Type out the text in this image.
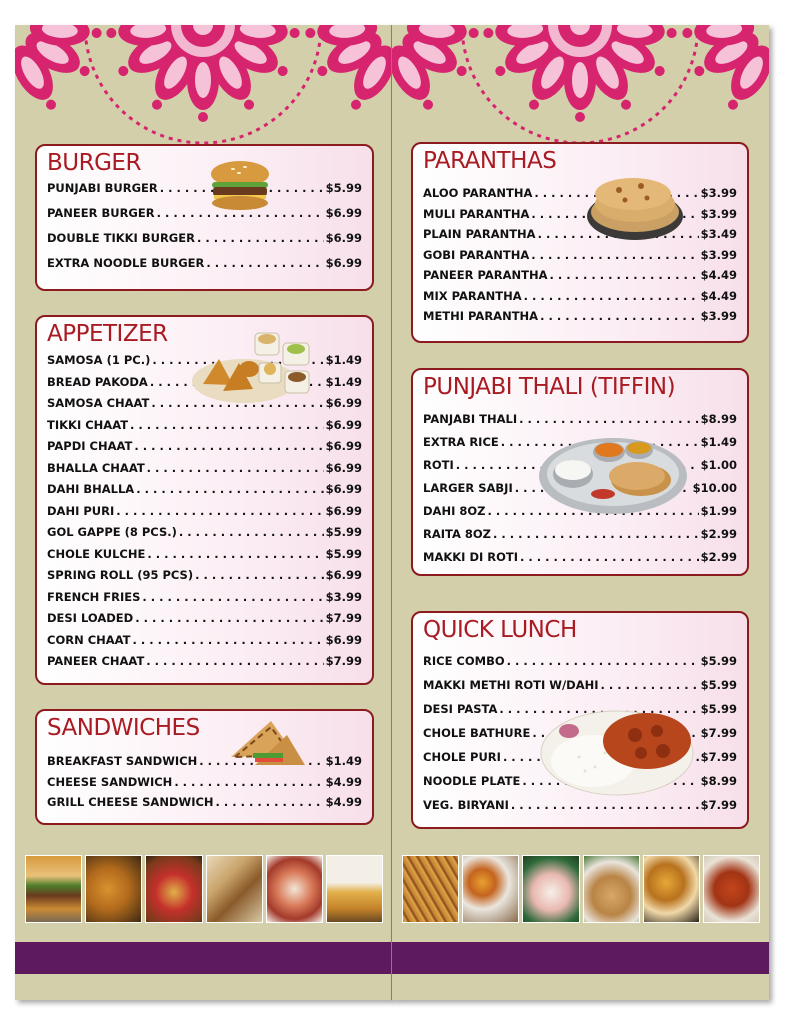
BURGER
PUNJABI BURGER . . .	$5.99
PANEER BURGER . . .	$6.99
DOUBLE TIKKI BURGER . . .	$6.99
EXTRA NOODLE BURGER . . .	$6.99
APPETIZER
SAMOSA (1 PC.) . . .	$1.49
BREAD PAKODA . . .	$1.49
SAMOSA CHAAT . . .	$6.99
TIKKI CHAAT . . .	$6.99
PAPDI CHAAT . . .	$6.99
BHALLA CHAAT . . .	$6.99
DAHI BHALLA . . .	$6.99
DAHI PURI . . .	$6.99
GOL GAPPE (8 PCS.) . . .	$5.99
CHOLE KULCHE . . .	$5.99
SPRING ROLL (95 PCS) . . .	$6.99
FRENCH FRIES . . .	$3.99
DESI LOADED . . .	$7.99
CORN CHAAT . . .	$6.99
PANEER CHAAT . . .	$7.99
SANDWICHES
BREAKFAST SANDWICH . . .	$1.49
CHEESE SANDWICH . . .	$4.99
GRILL CHEESE SANDWICH . . .	$4.99
PARANTHAS
ALOO PARANTHA . . .	$3.99
MULI PARANTHA . . .	$3.99
PLAIN PARANTHA . . .	$3.49
GOBI PARANTHA . . .	$3.99
PANEER PARANTHA . . .	$4.49
MIX PARANTHA . . .	$4.49
METHI PARANTHA . . .	$3.99
PUNJABI THALI (TIFFIN)
PANJABI THALI . . .	$8.99
EXTRA RICE . . .	$1.49
ROTI . . .	$1.00
LARGER SABJI . . .	$10.00
DAHI 8OZ . . .	$1.99
RAITA 8OZ . . .	$2.99
MAKKI DI ROTI . . .	$2.99
QUICK LUNCH
RICE COMBO . . .	$5.99
MAKKI METHI ROTI W/DAHI . . .	$5.99
DESI PASTA . . .	$5.99
CHOLE BATHURE . . .	$7.99
CHOLE PURI . . .	$7.99
NOODLE PLATE . . .	$8.99
VEG. BIRYANI . . .	$7.99
